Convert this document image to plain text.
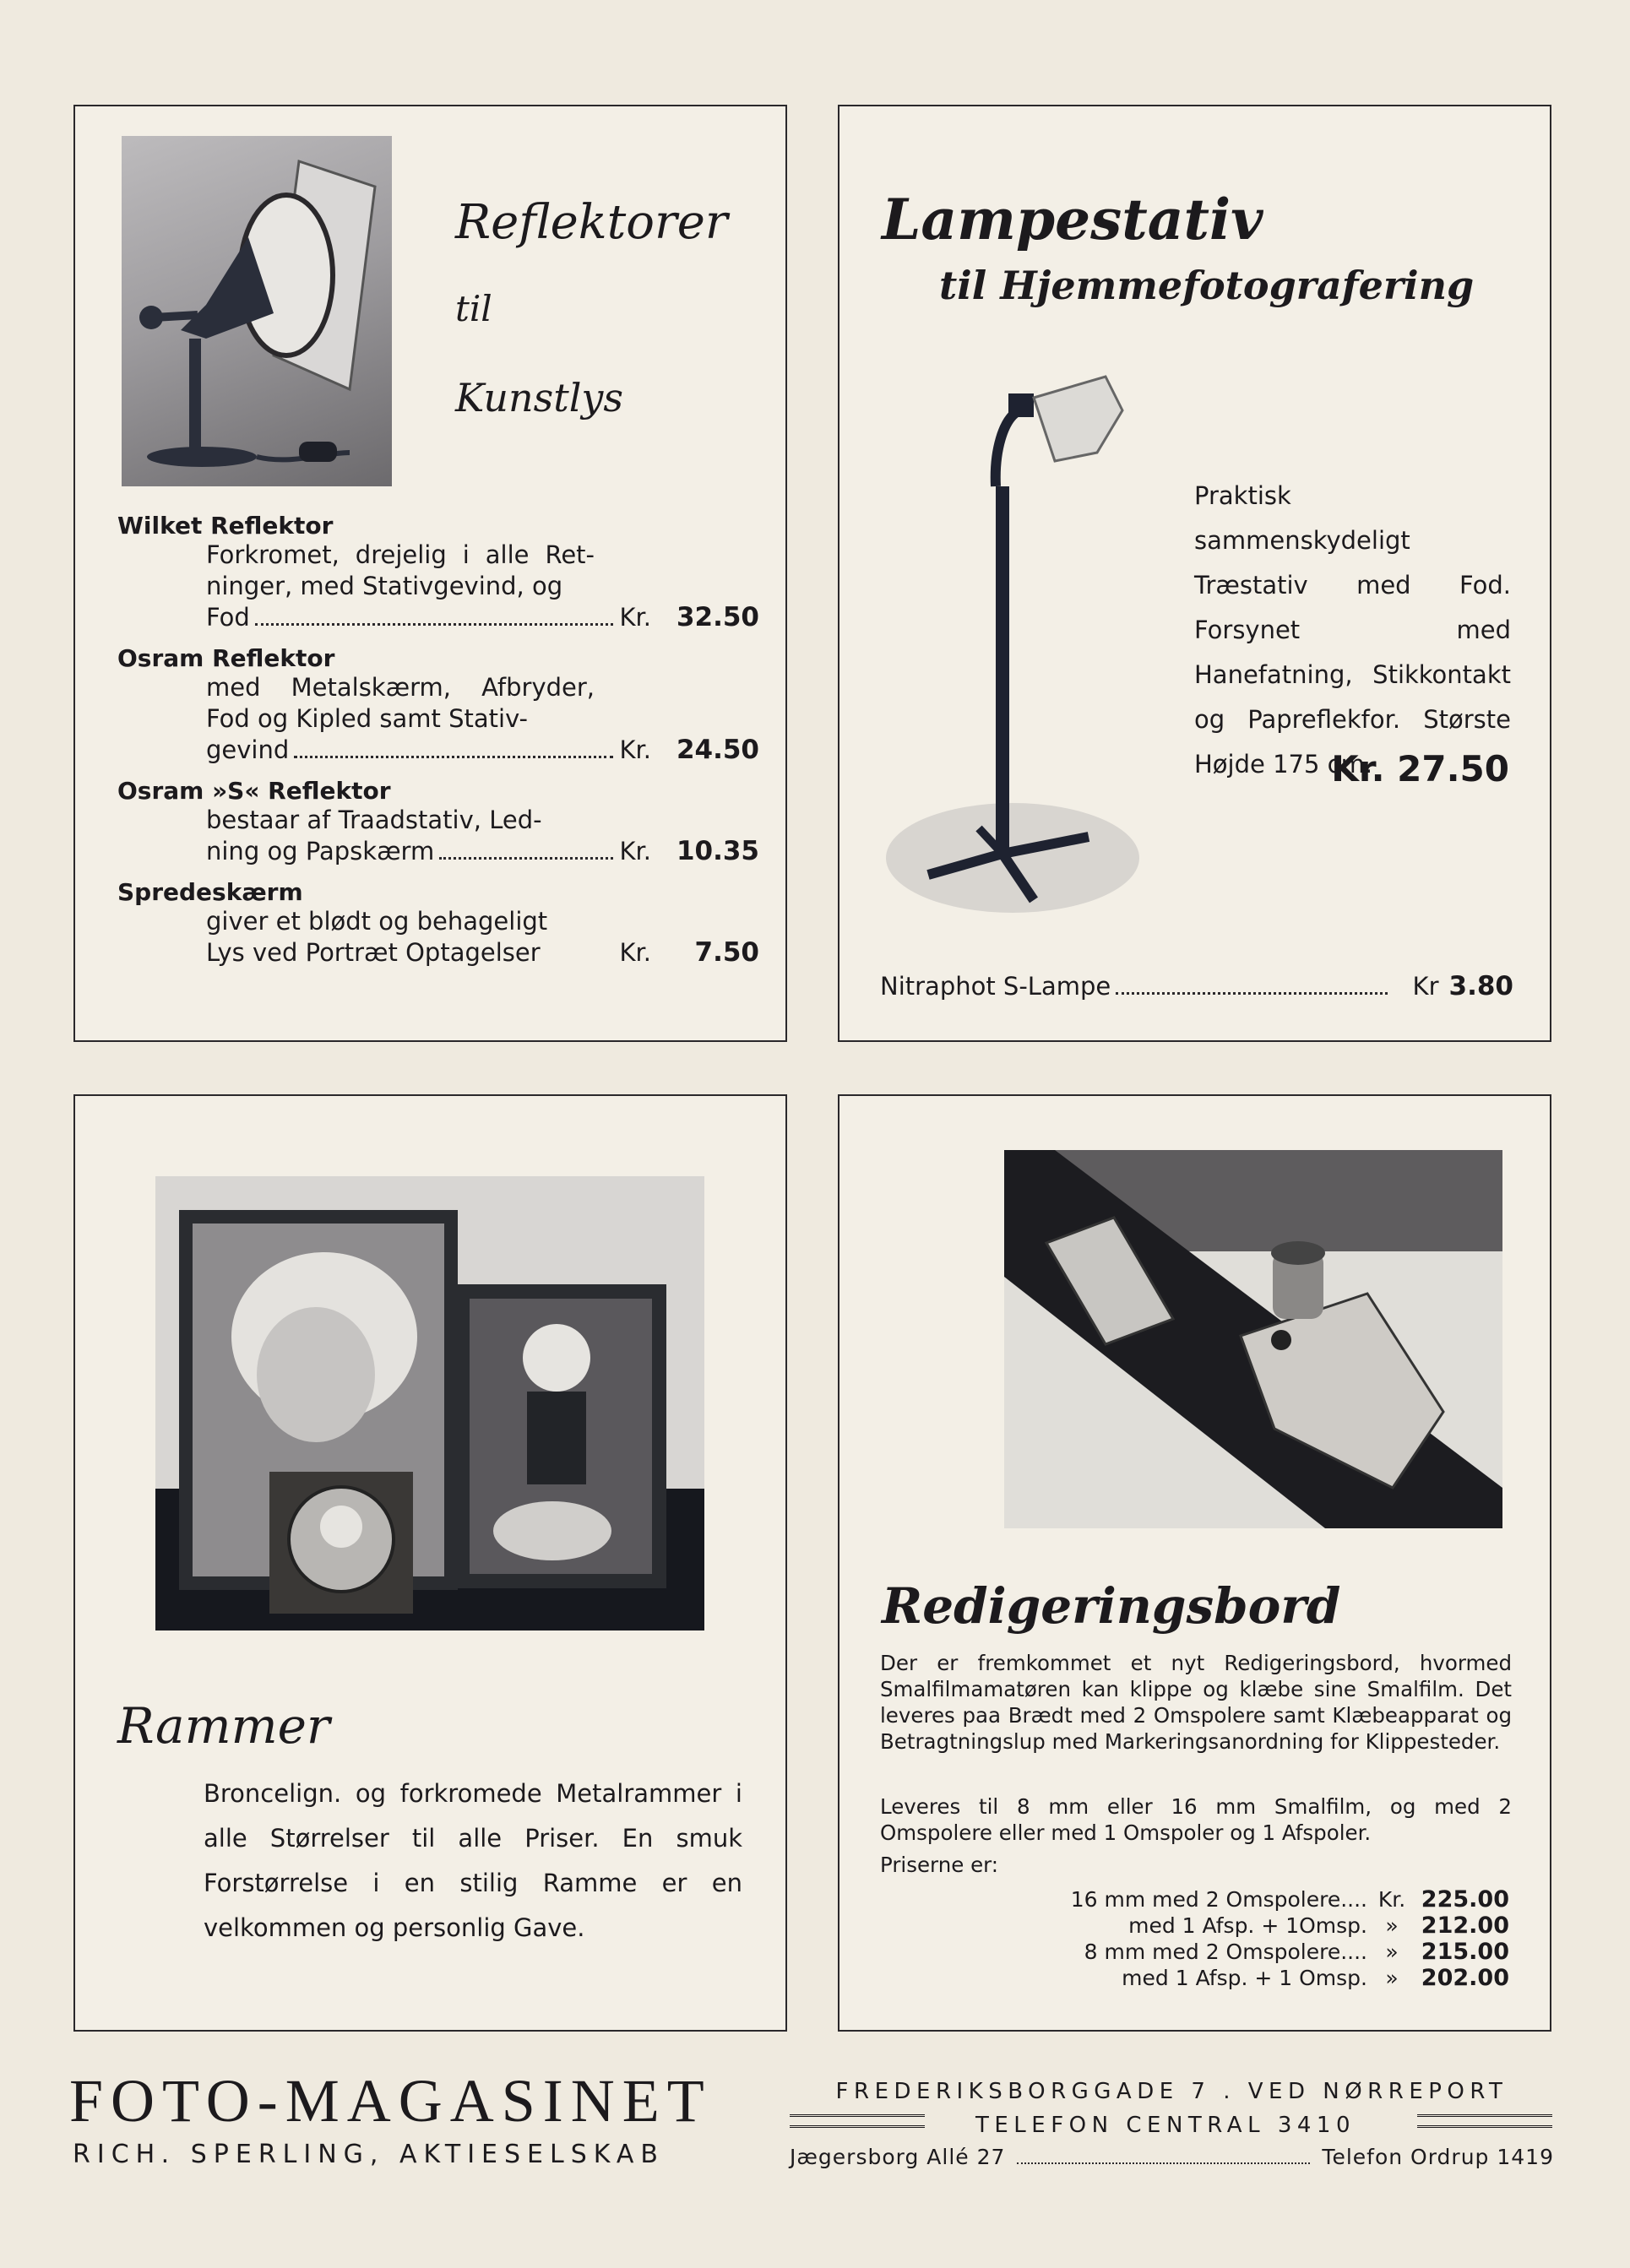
Reflektorer
til
Kunstlys
Wilket Reflektor
Forkromet, drejelig i alle Ret- ninger, med Stativgevind, og
Fod	Kr. 32.50
Osram Reflektor
med Metalskærm, Afbryder, Fod og Kipled samt Stativ-
gevind	Kr. 24.50
Osram »S« Reflektor
bestaar af Traadstativ, Led-
ning og Papskærm	Kr. 10.35
Spredeskærm
giver et blødt og behageligt
Lys ved Portræt Optagelser	Kr.	7.50
Lampestativ
til Hjemmefotografering
Praktisk sammenskydeligt Træstativ med Fod. Forsynet med Hanefatning, Stikkontakt og Papreflekfor. Største Højde 175 cm.
Kr. 27.50
Nitraphot S-Lampe	Kr 3.80
Rammer
Broncelign. og forkromede Metalrammer i alle Størrelser til alle Priser. En smuk Forstørrelse i en stilig Ramme er en velkommen og personlig Gave.
Redigeringsbord
Der er fremkommet et nyt Redigeringsbord, hvormed Smalfilmamatøren kan klippe og klæbe sine Smalfilm. Det leveres paa Brædt med 2 Omspolere samt Klæbeapparat og Betragtningslup med Markeringsanordning for Klippesteder.
Leveres til 8 mm eller 16 mm Smalfilm, og med 2 Omspolere eller med 1 Omspoler og 1 Afspoler.
Priserne er:
16 mm med 2 Omspolere.... Kr. 225.00
med 1 Afsp. + 1Omsp. »	212.00
8 mm med 2 Omspolere.... »	215.00
med 1 Afsp. + 1 Omsp. »	202.00
FOTO-MAGASINET
RICH. SPERLING, AKTIESELSKAB
FREDERIKSBORGGADE 7 . VED NØRREPORT
TELEFON CENTRAL 3410
Jægersborg Allé 27	Telefon Ordrup 1419
